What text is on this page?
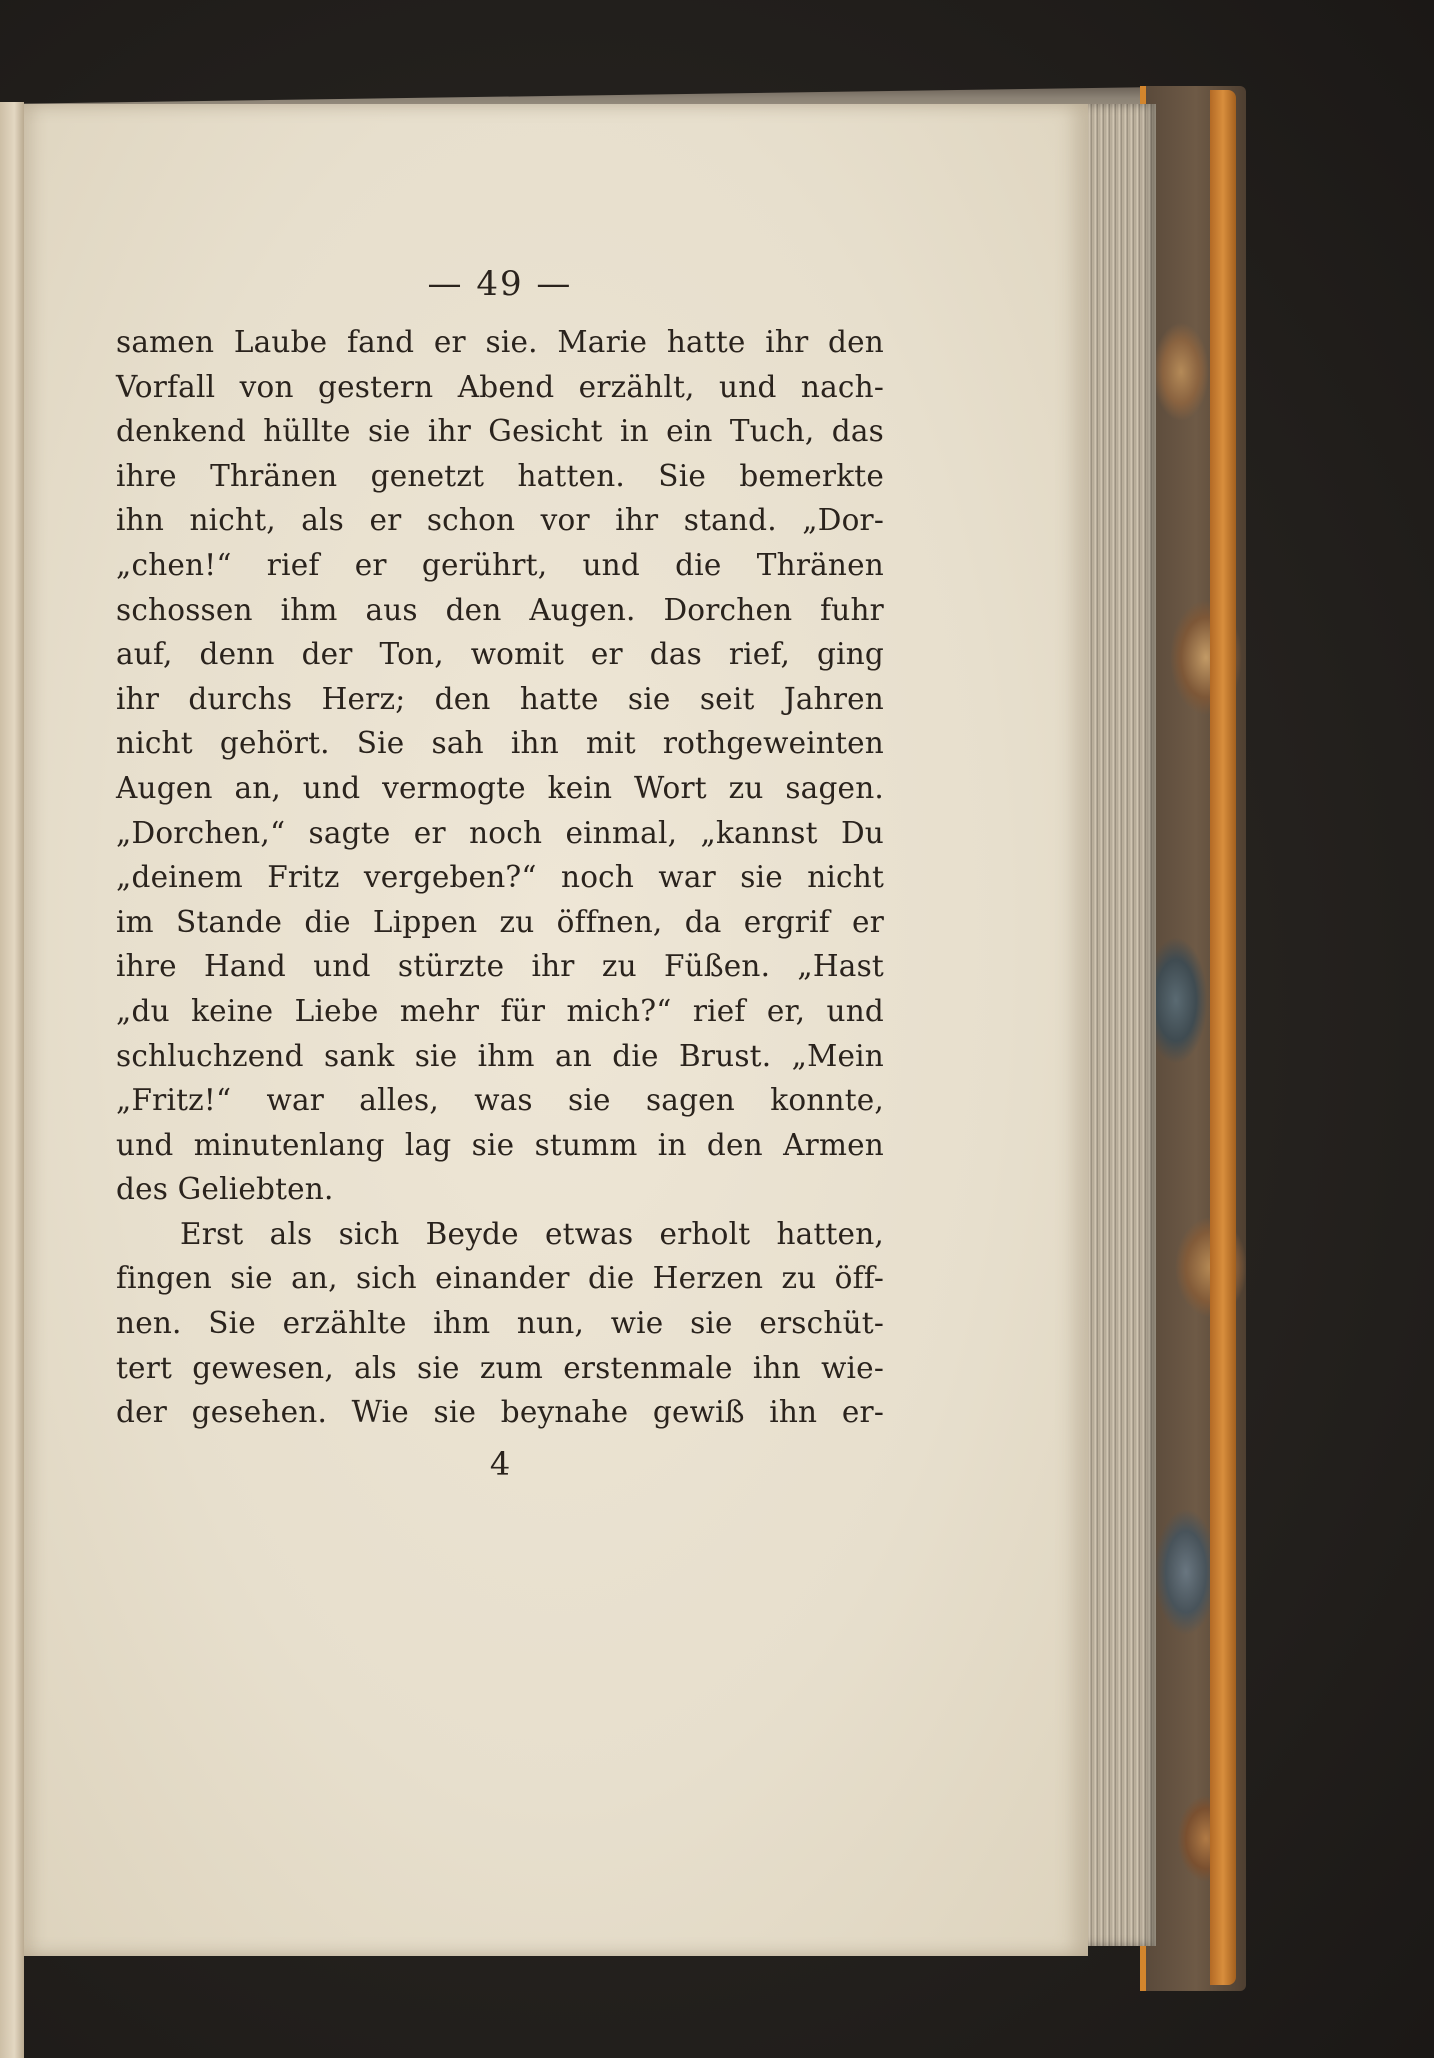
— 49 —
samen Laube fand er sie. Marie hatte ihr den
Vorfall von gestern Abend erzählt, und nach-
denkend hüllte sie ihr Gesicht in ein Tuch, das
ihre Thränen genetzt hatten. Sie bemerkte
ihn nicht, als er schon vor ihr stand. „Dor-
„chen!“ rief er gerührt, und die Thränen
schossen ihm aus den Augen. Dorchen fuhr
auf, denn der Ton, womit er das rief, ging
ihr durchs Herz; den hatte sie seit Jahren
nicht gehört. Sie sah ihn mit rothgeweinten
Augen an, und vermogte kein Wort zu sagen.
„Dorchen,“ sagte er noch einmal, „kannst Du
„deinem Fritz vergeben?“ noch war sie nicht
im Stande die Lippen zu öffnen, da ergrif er
ihre Hand und stürzte ihr zu Füßen. „Hast
„du keine Liebe mehr für mich?“ rief er, und
schluchzend sank sie ihm an die Brust. „Mein
„Fritz!“ war alles, was sie sagen konnte,
und minutenlang lag sie stumm in den Armen
des Geliebten.
Erst als sich Beyde etwas erholt hatten,
fingen sie an, sich einander die Herzen zu öff-
nen. Sie erzählte ihm nun, wie sie erschüt-
tert gewesen, als sie zum erstenmale ihn wie-
der gesehen. Wie sie beynahe gewiß ihn er-
4
